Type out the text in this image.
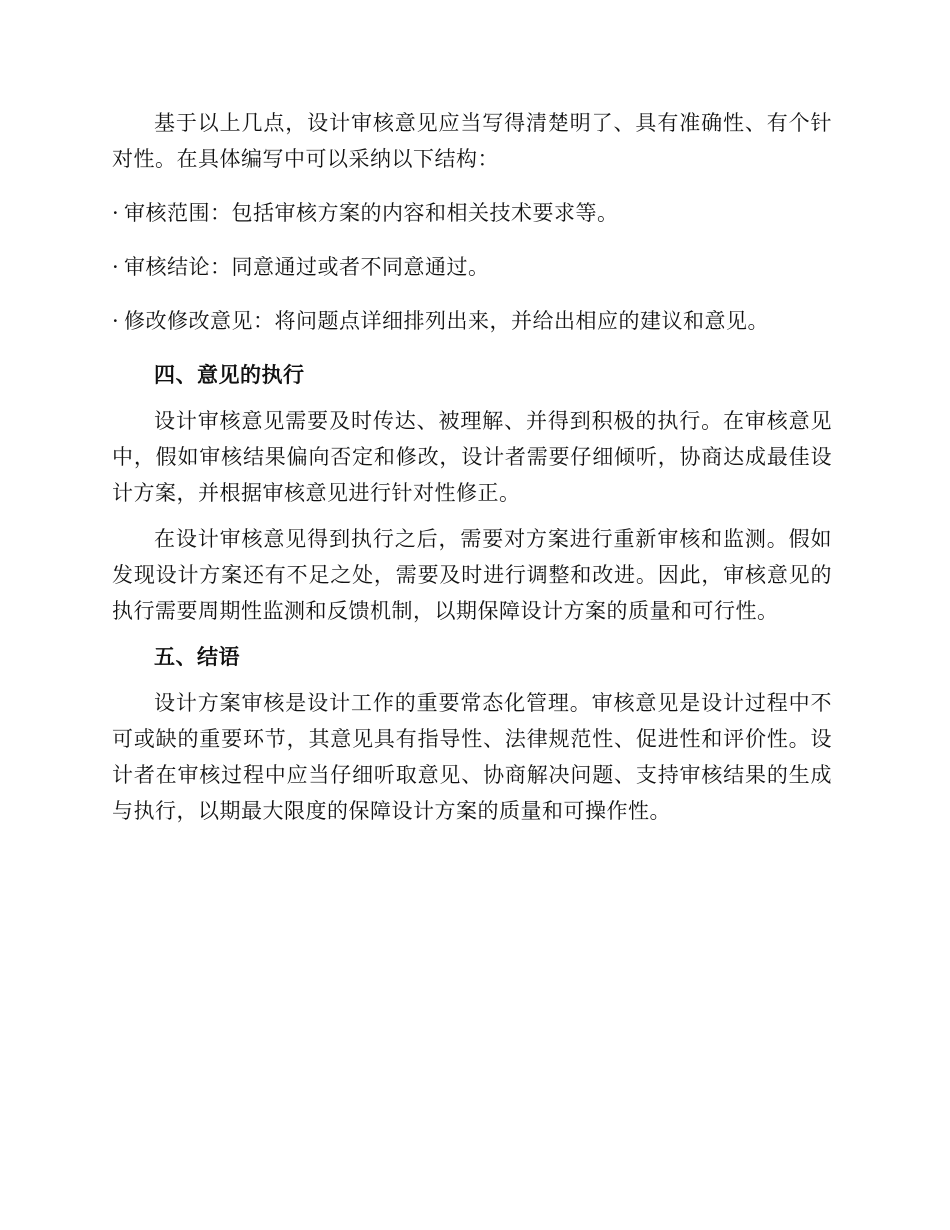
基于以上几点，设计审核意见应当写得清楚明了、具有准确性、有个针对性。在具体编写中可以采纳以下结构：

· 审核范围：包括审核方案的内容和相关技术要求等。

· 审核结论：同意通过或者不同意通过。

· 修改修改意见：将问题点详细排列出来，并给出相应的建议和意见。

四、意见的执行

设计审核意见需要及时传达、被理解、并得到积极的执行。在审核意见中，假如审核结果偏向否定和修改，设计者需要仔细倾听，协商达成最佳设计方案，并根据审核意见进行针对性修正。

在设计审核意见得到执行之后，需要对方案进行重新审核和监测。假如发现设计方案还有不足之处，需要及时进行调整和改进。因此，审核意见的执行需要周期性监测和反馈机制，以期保障设计方案的质量和可行性。

五、结语

设计方案审核是设计工作的重要常态化管理。审核意见是设计过程中不可或缺的重要环节，其意见具有指导性、法律规范性、促进性和评价性。设计者在审核过程中应当仔细听取意见、协商解决问题、支持审核结果的生成与执行，以期最大限度的保障设计方案的质量和可操作性。
